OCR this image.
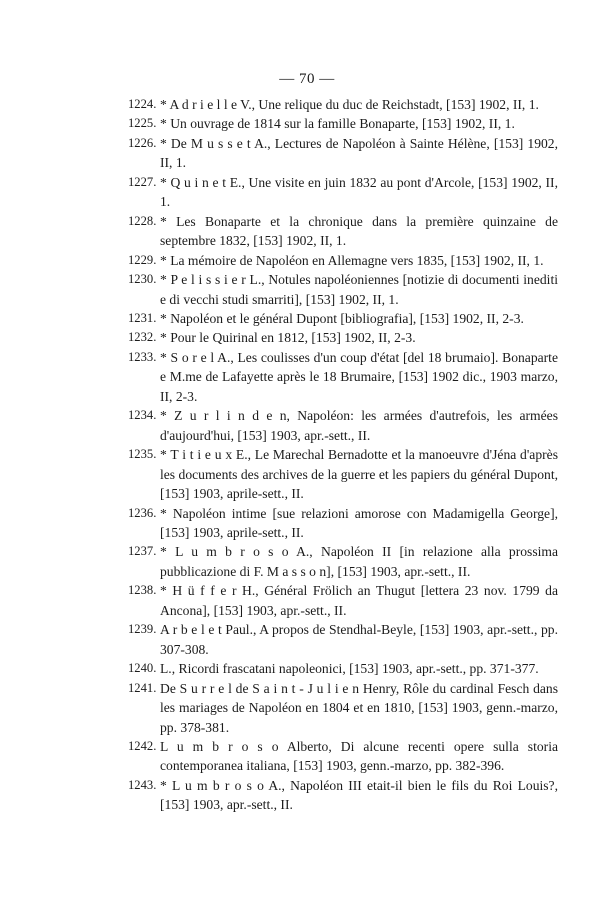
— 70 —
1224. * A d r i e l l e V., Une relique du duc de Reichstadt, [153] 1902, II, 1.
1225. * Un ouvrage de 1814 sur la famille Bonaparte, [153] 1902, II, 1.
1226. * De M u s s e t A., Lectures de Napoléon à Sainte Hélène, [153] 1902, II, 1.
1227. * Q u i n e t E., Une visite en juin 1832 au pont d'Arcole, [153] 1902, II, 1.
1228. * Les Bonaparte et la chronique dans la première quinzaine de septembre 1832, [153] 1902, II, 1.
1229. * La mémoire de Napoléon en Allemagne vers 1835, [153] 1902, II, 1.
1230. * P e l i s s i e r L., Notules napoléoniennes [notizie di documenti inediti e di vecchi studi smarriti], [153] 1902, II, 1.
1231. * Napoléon et le général Dupont [bibliografia], [153] 1902, II, 2-3.
1232. * Pour le Quirinal en 1812, [153] 1902, II, 2-3.
1233. * S o r e l A., Les coulisses d'un coup d'état [del 18 brumaio]. Bonaparte e M.me de Lafayette après le 18 Brumaire, [153] 1902 dic., 1903 marzo, II, 2-3.
1234. * Z u r l i n d e n, Napoléon: les armées d'autrefois, les armées d'aujourd'hui, [153] 1903, apr.-sett., II.
1235. * T i t i e u x E., Le Marechal Bernadotte et la manoeuvre d'Jéna d'après les documents des archives de la guerre et les papiers du général Dupont, [153] 1903, aprile-sett., II.
1236. * Napoléon intime [sue relazioni amorose con Madamigella George], [153] 1903, aprile-sett., II.
1237. * L u m b r o s o A., Napoléon II [in relazione alla prossima pubblicazione di F. M a s s o n], [153] 1903, apr.-sett., II.
1238. * H ü f f e r H., Général Frölich an Thugut [lettera 23 nov. 1799 da Ancona], [153] 1903, apr.-sett., II.
1239. A r b e l e t Paul., A propos de Stendhal-Beyle, [153] 1903, apr.-sett., pp. 307-308.
1240. L., Ricordi frascatani napoleonici, [153] 1903, apr.-sett., pp. 371-377.
1241. De S u r r e l de S a i n t - J u l i e n Henry, Rôle du cardinal Fesch dans les mariages de Napoléon en 1804 et en 1810, [153] 1903, genn.-marzo, pp. 378-381.
1242. L u m b r o s o Alberto, Di alcune recenti opere sulla storia contemporanea italiana, [153] 1903, genn.-marzo, pp. 382-396.
1243. * L u m b r o s o A., Napoléon III etait-il bien le fils du Roi Louis?, [153] 1903, apr.-sett., II.
